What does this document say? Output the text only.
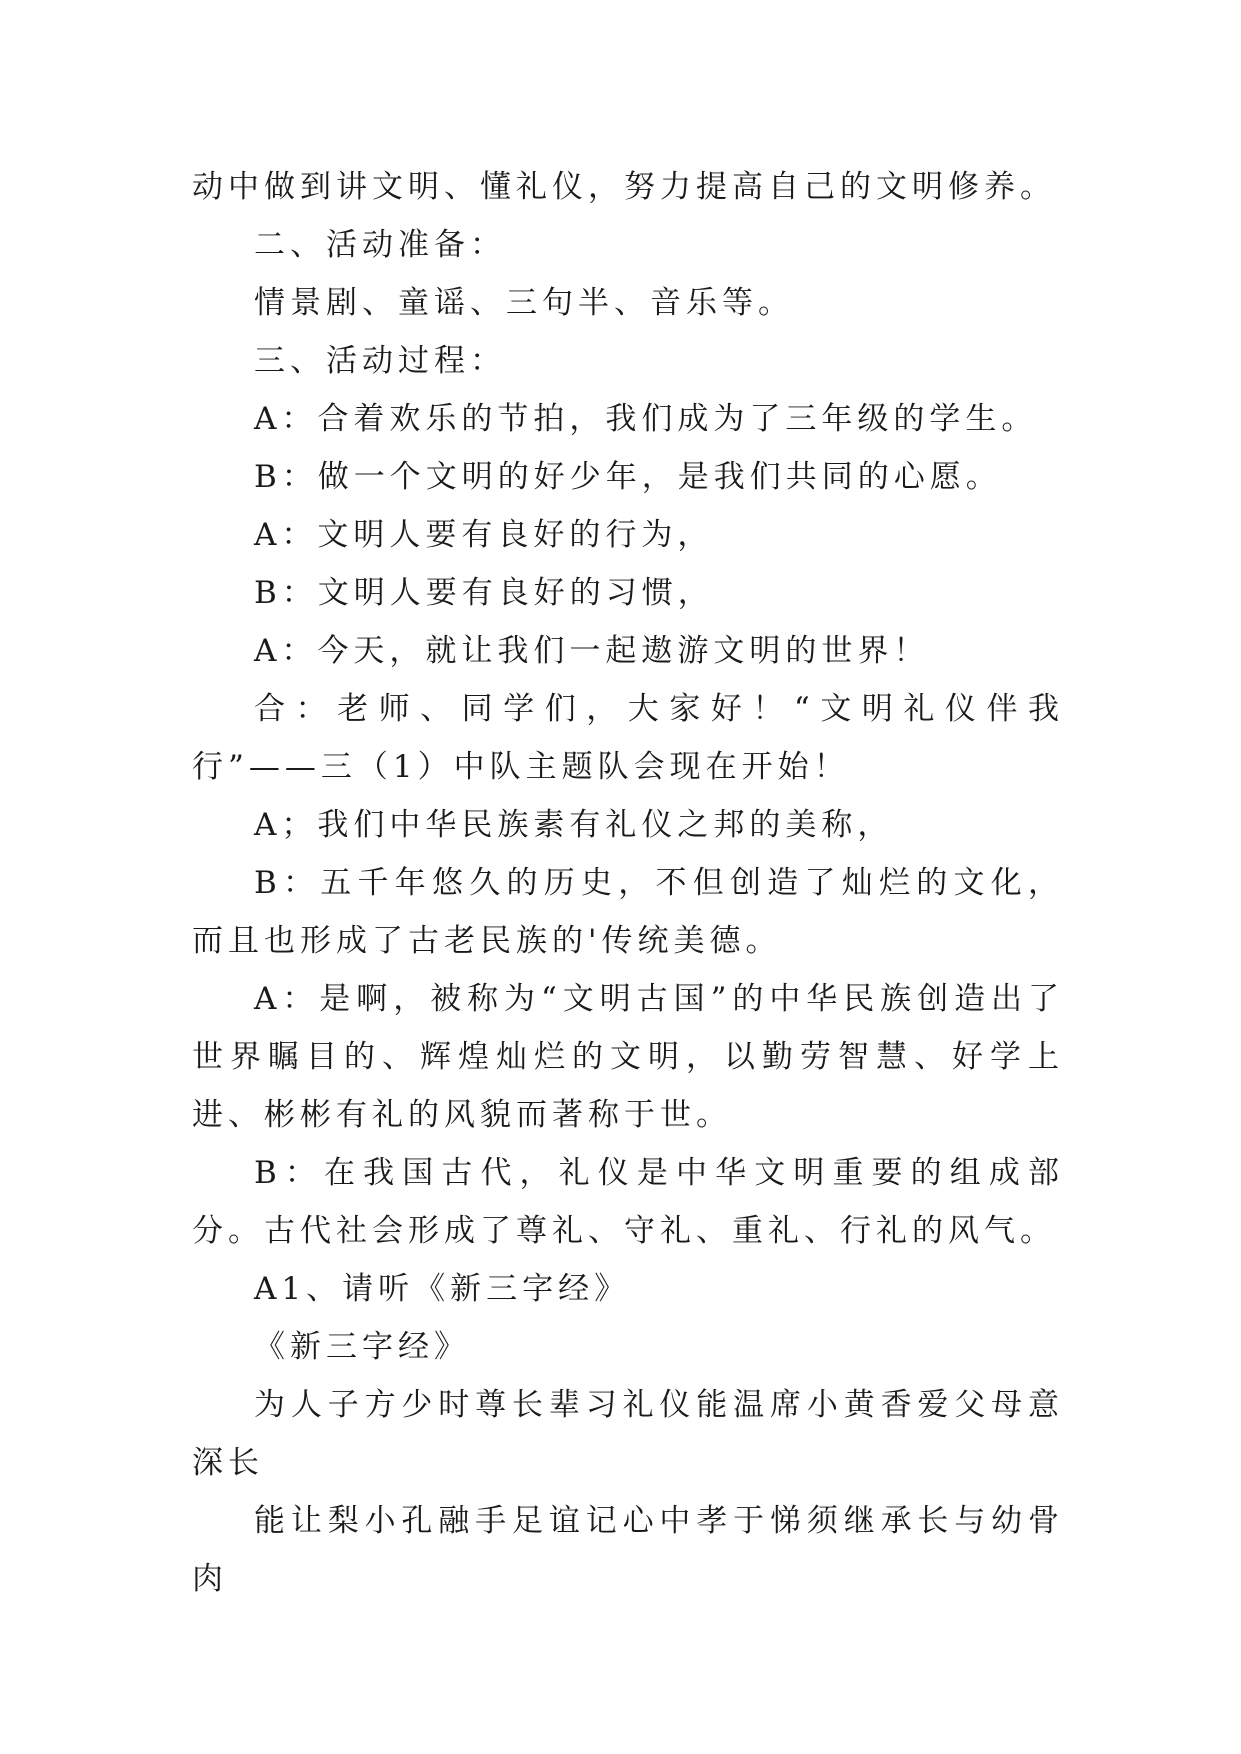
动中做到讲文明、懂礼仪，努力提高自己的文明修养。

二、活动准备：

情景剧、童谣、三句半、音乐等。

三、活动过程：

A：合着欢乐的节拍，我们成为了三年级的学生。

B：做一个文明的好少年，是我们共同的心愿。

A：文明人要有良好的行为，

B：文明人要有良好的习惯，

A：今天，就让我们一起遨游文明的世界！

合：老师、同学们，大家好！“文明礼仪伴我行”——三（1）中队主题队会现在开始！

A；我们中华民族素有礼仪之邦的美称，

B：五千年悠久的历史，不但创造了灿烂的文化，而且也形成了古老民族的'传统美德。

A：是啊，被称为“文明古国”的中华民族创造出了世界瞩目的、辉煌灿烂的文明，以勤劳智慧、好学上进、彬彬有礼的风貌而著称于世。

B：在我国古代，礼仪是中华文明重要的组成部分。古代社会形成了尊礼、守礼、重礼、行礼的风气。

A1、请听《新三字经》

《新三字经》

为人子方少时尊长辈习礼仪能温席小黄香爱父母意深长

能让梨小孔融手足谊记心中孝于悌须继承长与幼骨肉
